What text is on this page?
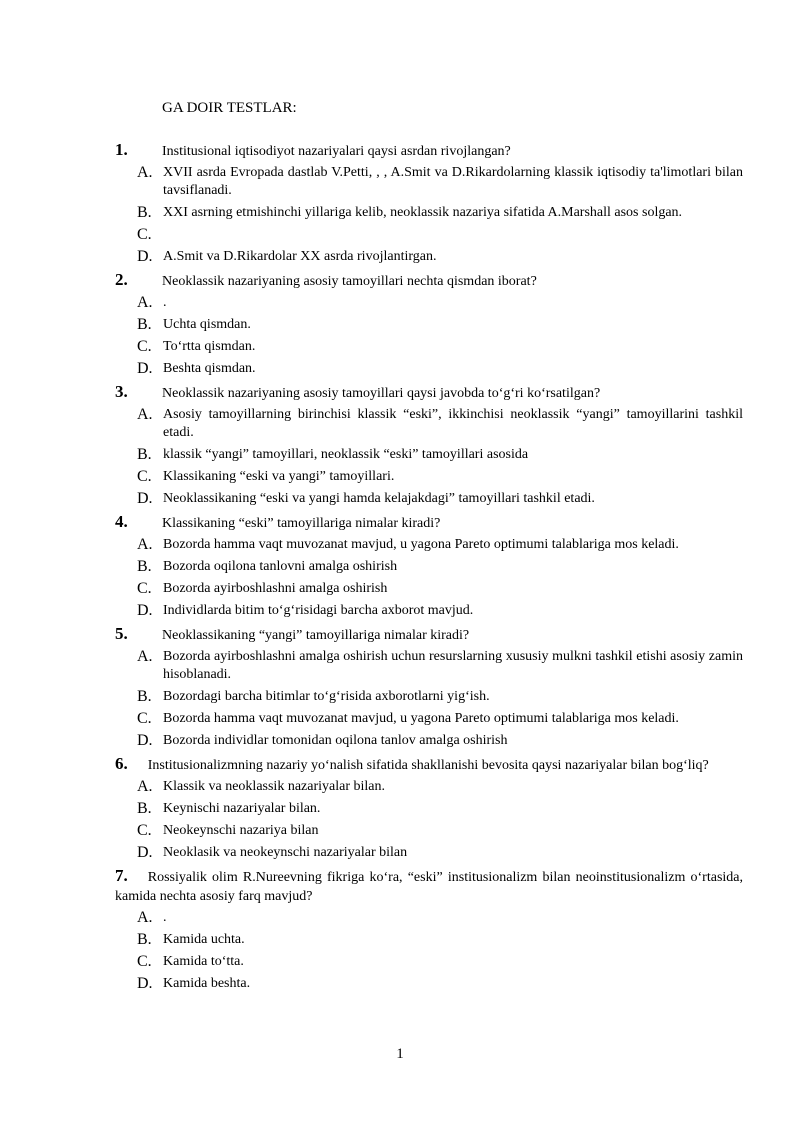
GA DOIR TESTLAR:
1. Institusional iqtisodiyot nazariyalari qaysi asrdan rivojlangan?
A. XVII asrda Evropada dastlab V.Petti, , , A.Smit va D.Rikardolarning klassik iqtisodiy ta'limotlari bilan tavsiflanadi.
B. XXI asrning etmishinchi yillariga kelib, neoklassik nazariya sifatida A.Marshall asos solgan.
C.

D. A.Smit va D.Rikardolar XX asrda rivojlantirgan.
2. Neoklassik nazariyaning asosiy tamoyillari nechta qismdan iborat?
A. .
B. Uchta qismdan.
C. To‘rtta qismdan.
D. Beshta qismdan.
3. Neoklassik nazariyaning asosiy tamoyillari qaysi javobda to‘g‘ri ko‘rsatilgan?
A. Asosiy tamoyillarning birinchisi klassik “eski”, ikkinchisi neoklassik “yangi” tamoyillarini tashkil etadi.
B. klassik “yangi” tamoyillari, neoklassik “eski” tamoyillari asosida
C. Klassikaning “eski va yangi” tamoyillari.
D. Neoklassikaning “eski va yangi hamda kelajakdagi” tamoyillari tashkil etadi.
4. Klassikaning “eski” tamoyillariga nimalar kiradi?
A. Bozorda hamma vaqt muvozanat mavjud, u yagona Pareto optimumi talablariga mos keladi.
B. Bozorda oqilona tanlovni amalga oshirish
C. Bozorda ayirboshlashni amalga oshirish
D. Individlarda bitim to‘g‘risidagi barcha axborot mavjud.
5. Neoklassikaning “yangi” tamoyillariga nimalar kiradi?
A. Bozorda ayirboshlashni amalga oshirish uchun resurslarning xususiy mulkni tashkil etishi asosiy zamin hisoblanadi.
B. Bozordagi barcha bitimlar to‘g‘risida axborotlarni yig‘ish.
C. Bozorda hamma vaqt muvozanat mavjud, u yagona Pareto optimumi talablariga mos keladi.
D. Bozorda individlar tomonidan oqilona tanlov amalga oshirish
6. Institusionalizmning nazariy yo‘nalish sifatida shakllanishi bevosita qaysi nazariyalar bilan bog‘liq?
A. Klassik va neoklassik nazariyalar bilan.
B. Keynischi nazariyalar bilan.
C. Neokeynschi nazariya bilan
D. Neoklasik va neokeynschi nazariyalar bilan
7. Rossiyalik olim R.Nureevning fikriga ko‘ra, “eski” institusionalizm bilan neoinstitusionalizm o‘rtasida, kamida nechta asosiy farq mavjud?
A. .
B. Kamida uchta.
C. Kamida to‘tta.
D. Kamida beshta.
1
